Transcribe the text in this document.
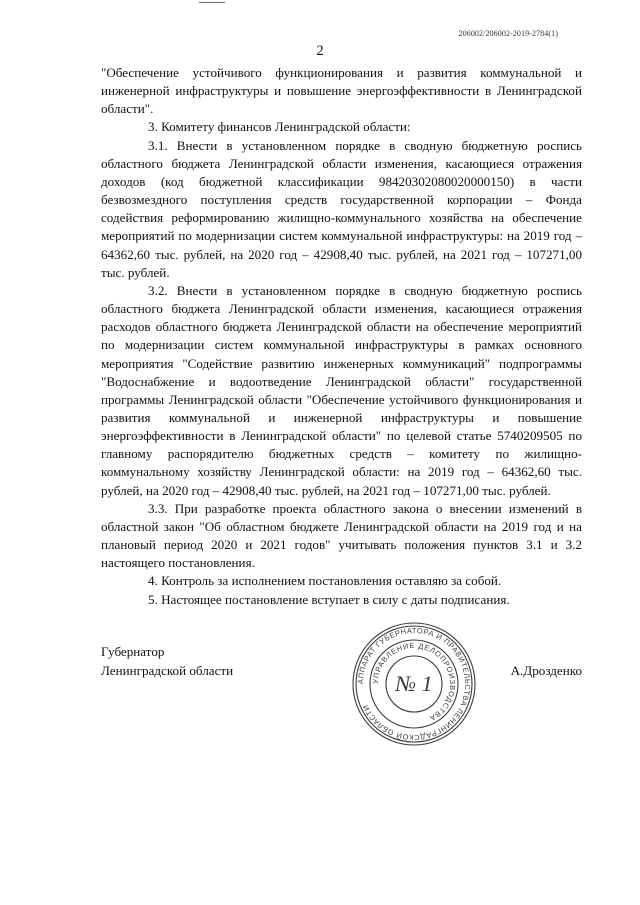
206002/206002-2019-2784(1)
2

"Обеспечение устойчивого функционирования и развития коммунальной и инженерной инфраструктуры и повышение энергоэффективности в Ленинградской области".

3. Комитету финансов Ленинградской области:

3.1. Внести в установленном порядке в сводную бюджетную роспись областного бюджета Ленинградской области изменения, касающиеся отражения доходов (код бюджетной классификации 98420302080020000150) в части безвозмездного поступления средств государственной корпорации – Фонда содействия реформированию жилищно-коммунального хозяйства на обеспечение мероприятий по модернизации систем коммунальной инфраструктуры: на 2019 год – 64362,60 тыс. рублей, на 2020 год – 42908,40 тыс. рублей, на 2021 год – 107271,00 тыс. рублей.

3.2. Внести в установленном порядке в сводную бюджетную роспись областного бюджета Ленинградской области изменения, касающиеся отражения расходов областного бюджета Ленинградской области на обеспечение мероприятий по модернизации систем коммунальной инфраструктуры в рамках основного мероприятия "Содействие развитию инженерных коммуникаций" подпрограммы "Водоснабжение и водоотведение Ленинградской области" государственной программы Ленинградской области "Обеспечение устойчивого функционирования и развития коммунальной и инженерной инфраструктуры и повышение энергоэффективности в Ленинградской области" по целевой статье 5740209505 по главному распорядителю бюджетных средств – комитету по жилищно-коммунальному хозяйству Ленинградской области: на 2019 год – 64362,60 тыс. рублей, на 2020 год – 42908,40 тыс. рублей, на 2021 год – 107271,00 тыс. рублей.

3.3. При разработке проекта областного закона о внесении изменений в областной закон "Об областном бюджете Ленинградской области на 2019 год и на плановый период 2020 и 2021 годов" учитывать положения пунктов 3.1 и 3.2 настоящего постановления.

4. Контроль за исполнением постановления оставляю за собой.

5. Настоящее постановление вступает в силу с даты подписания.

Губернатор
Ленинградской области	А.Дрозденко
АППАРАТ ГУБЕРНАТОРА И ПРАВИТЕЛЬСТВА ЛЕНИНГРАДСКОЙ ОБЛАСТИ
УПРАВЛЕНИЕ ДЕЛОПРОИЗВОДСТВА
№ 1
